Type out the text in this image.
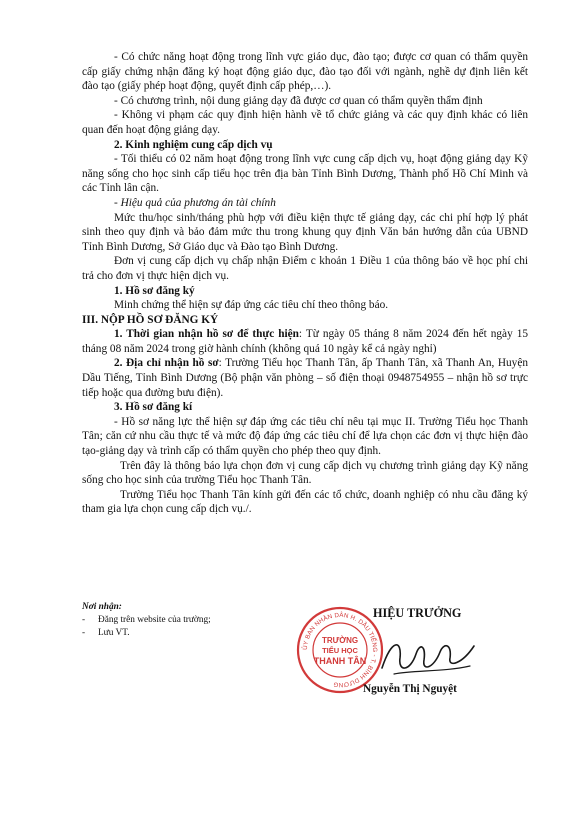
- Có chức năng hoạt động trong lĩnh vực giáo dục, đào tạo; được cơ quan có thẩm quyền cấp giấy chứng nhận đăng ký hoạt động giáo dục, đào tạo đối với ngành, nghề dự định liên kết đào tạo (giấy phép hoạt động, quyết định cấp phép,…).

- Có chương trình, nội dung giảng dạy đã được cơ quan có thẩm quyền thẩm định

- Không vi phạm các quy định hiện hành về tổ chức giảng và các quy định khác có liên quan đến hoạt động giảng dạy.

2. Kinh nghiệm cung cấp dịch vụ

- Tối thiểu có 02 năm hoạt động trong lĩnh vực cung cấp dịch vụ, hoạt động giảng dạy Kỹ năng sống cho học sinh cấp tiểu học trên địa bàn Tỉnh Bình Dương, Thành phố Hồ Chí Minh và các Tỉnh lân cận.

- Hiệu quả của phương án tài chính

Mức thu/học sinh/tháng phù hợp với điều kiện thực tế giảng dạy, các chi phí hợp lý phát sinh theo quy định và bảo đảm mức thu trong khung quy định Văn bản hướng dẫn của UBND Tỉnh Bình Dương, Sở Giáo dục và Đào tạo Bình Dương.

Đơn vị cung cấp dịch vụ chấp nhận Điểm c khoản 1 Điều 1 của thông báo về học phí chi trả cho đơn vị thực hiện dịch vụ.

1. Hồ sơ đăng ký

Minh chứng thể hiện sự đáp ứng các tiêu chí theo thông báo.

III. NỘP HỒ SƠ ĐĂNG KÝ

1. Thời gian nhận hồ sơ để thực hiện: Từ ngày 05 tháng 8 năm 2024 đến hết ngày 15 tháng 08 năm 2024 trong giờ hành chính (không quá 10 ngày kể cả ngày nghỉ)

2. Địa chỉ nhận hồ sơ: Trường Tiểu học Thanh Tân, ấp Thanh Tân, xã Thanh An, Huyện Dầu Tiếng, Tỉnh Bình Dương (Bộ phận văn phòng – số điện thoại 0948754955 – nhận hồ sơ trực tiếp hoặc qua đường bưu điện).

3. Hồ sơ đăng kí

- Hồ sơ năng lực thể hiện sự đáp ứng các tiêu chí nêu tại mục II. Trường Tiểu học Thanh Tân; căn cứ nhu cầu thực tế và mức độ đáp ứng các tiêu chí để lựa chọn các đơn vị thực hiện đào tạo-giảng dạy và trình cấp có thẩm quyền cho phép theo quy định.

Trên đây là thông báo lựa chọn đơn vị cung cấp dịch vụ chương trình giảng dạy Kỹ năng sống cho học sinh của trường Tiểu học Thanh Tân.

Trường Tiểu học Thanh Tân kính gửi đến các tổ chức, doanh nghiệp có nhu cầu đăng ký tham gia lựa chọn cung cấp dịch vụ./.

Nơi nhận:
-	Đăng trên website của trường;
-	Lưu VT.
ỦY BAN NHÂN DÂN H. DẦU TIẾNG - T. BÌNH DƯƠNG
TRƯỜNG
TIỂU HỌC
THANH TÂN
HIỆU TRƯỞNG
Nguyễn Thị Nguyệt
